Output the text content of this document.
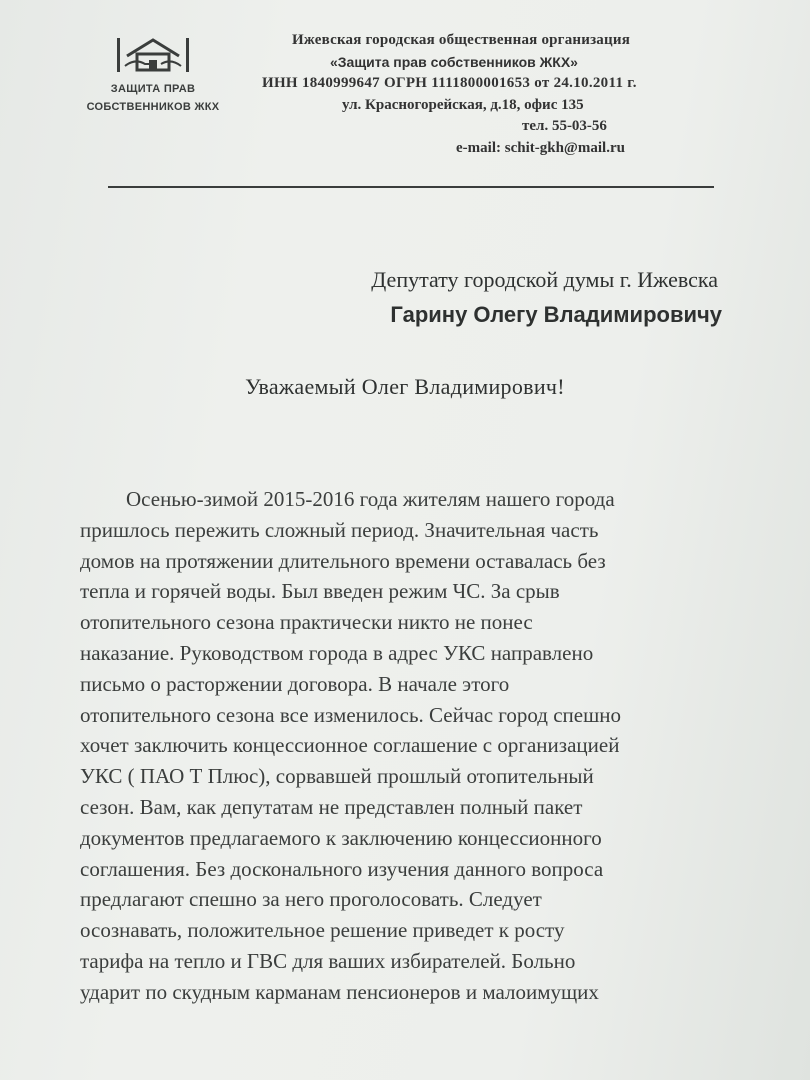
ЗАЩИТА ПРАВ
СОБСТВЕННИКОВ ЖКХ
Ижевская городская общественная организация
«Защита прав собственников ЖКХ»
ИНН 1840999647 ОГРН 1111800001653 от 24.10.2011 г.
ул. Красногорейская, д.18, офис 135
тел. 55-03-56
e-mail: schit-gkh@mail.ru
Депутату городской думы г. Ижевска
Гарину Олегу Владимировичу
Уважаемый Олег Владимирович!
Осенью-зимой 2015-2016 года жителям нашего города
пришлось пережить сложный период. Значительная часть
домов на протяжении длительного времени оставалась без
тепла и горячей воды. Был введен режим ЧС. За срыв
отопительного сезона практически никто не понес
наказание. Руководством города в адрес УКС направлено
письмо о расторжении договора. В начале этого
отопительного сезона все изменилось. Сейчас город спешно
хочет заключить концессионное соглашение с организацией
УКС ( ПАО Т Плюс), сорвавшей прошлый отопительный
сезон. Вам, как депутатам не представлен полный пакет
документов предлагаемого к заключению концессионного
соглашения. Без досконального изучения данного вопроса
предлагают спешно за него проголосовать. Следует
осознавать, положительное решение приведет к росту
тарифа на тепло и ГВС для ваших избирателей. Больно
ударит по скудным карманам пенсионеров и малоимущих
